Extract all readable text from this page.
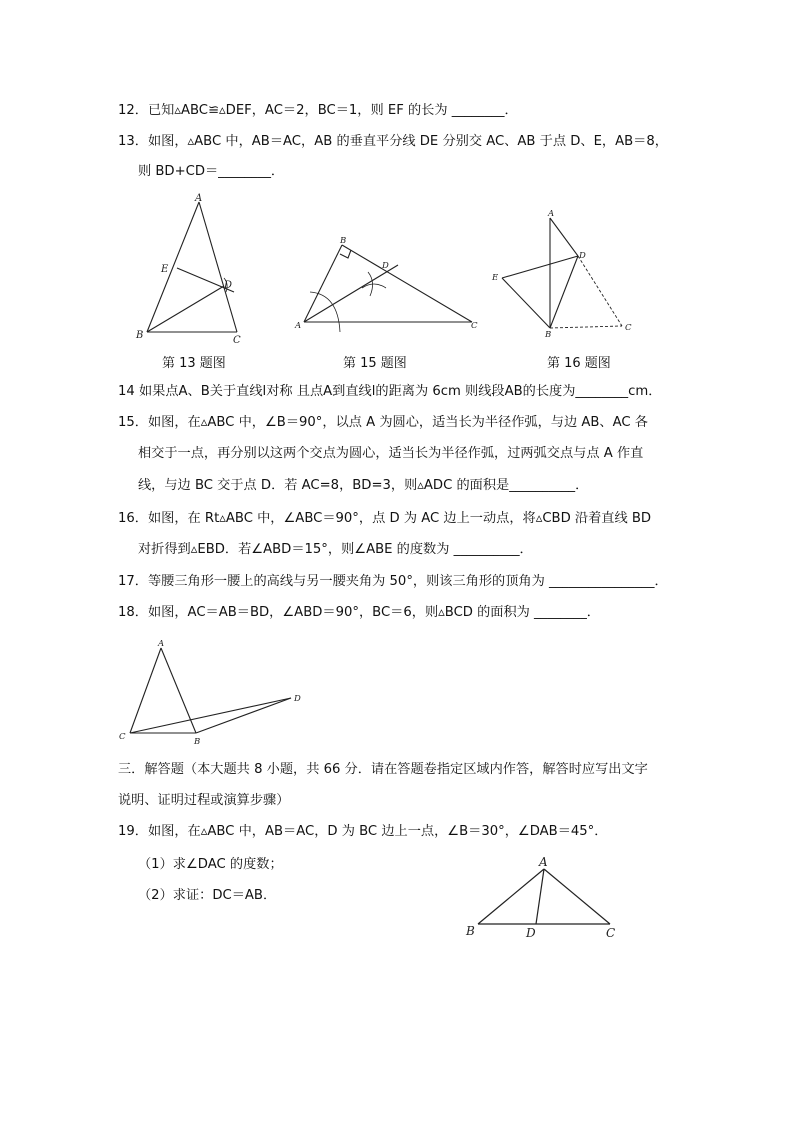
12．已知▵ABC≌▵DEF，AC＝2，BC＝1，则 EF 的长为 ________．
13．如图，▵ABC 中，AB＝AC，AB 的垂直平分线 DE 分别交 AC、AB 于点 D、E，AB＝8，
则 BD+CD＝________．
A
B	C
D
E
第 13 题图
B
A	C
D
第 15 题图
A
B
C
D
E
第 16 题图
14 如果点A、B关于直线l对称 且点A到直线l的距离为 6cm 则线段AB的长度为________cm．
15．如图，在▵ABC 中，∠B＝90°，以点 A 为圆心，适当长为半径作弧，与边 AB、AC 各
相交于一点，再分别以这两个交点为圆心，适当长为半径作弧，过两弧交点与点 A 作直
线，与边 BC 交于点 D．若 AC=8，BD=3，则▵ADC 的面积是__________．
16．如图，在 Rt▵ABC 中，∠ABC＝90°，点 D 为 AC 边上一动点，将▵CBD 沿着直线 BD
对折得到▵EBD．若∠ABD＝15°，则∠ABE 的度数为 __________．
17．等腰三角形一腰上的高线与另一腰夹角为 50°，则该三角形的顶角为 ________________．
18．如图，AC＝AB＝BD，∠ABD＝90°，BC＝6，则▵BCD 的面积为 ________．
A
C	B
D
三．解答题（本大题共 8 小题，共 66 分．请在答题卷指定区域内作答，解答时应写出文字
说明、证明过程或演算步骤）
19．如图，在▵ABC 中，AB＝AC，D 为 BC 边上一点，∠B＝30°，∠DAB＝45°．
（1）求∠DAC 的度数；
（2）求证：DC＝AB．
A
B	D	C
